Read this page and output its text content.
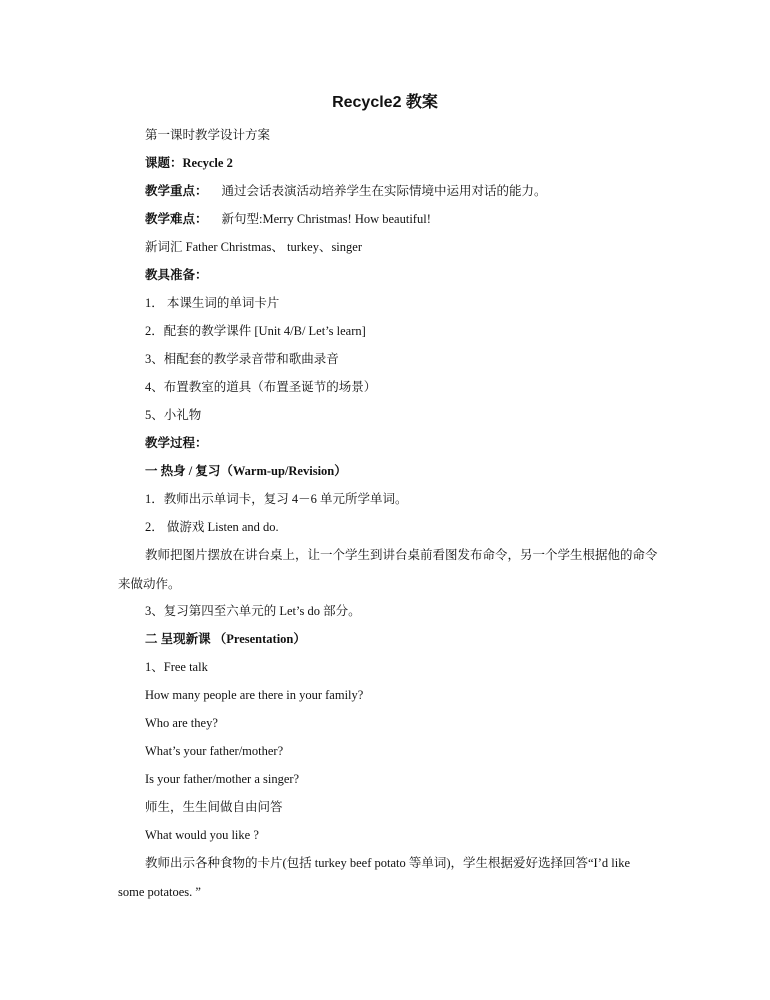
Recycle2 教案

第一课时教学设计方案

课题：Recycle 2

教学重点： 通过会话表演活动培养学生在实际情境中运用对话的能力。

教学难点： 新句型:Merry Christmas! How beautiful!

新词汇 Father Christmas、 turkey、singer

教具准备：

1． 本课生词的单词卡片

2．配套的教学课件 [Unit 4/B/ Let’s learn]

3、相配套的教学录音带和歌曲录音

4、布置教室的道具（布置圣诞节的场景）

5、小礼物

教学过程：

一 热身 / 复习（Warm-up/Revision）

1．教师出示单词卡，复习 4－6 单元所学单词。

2． 做游戏 Listen and do.

教师把图片摆放在讲台桌上，让一个学生到讲台桌前看图发布命令，另一个学生根据他的命令来做动作。

3、复习第四至六单元的 Let’s do 部分。

二 呈现新课 （Presentation）

1、Free talk

How many people are there in your family?

Who are they?

What’s your father/mother?

Is your father/mother a singer?

师生，生生间做自由问答

What would you like ?

教师出示各种食物的卡片(包括 turkey beef potato 等单词)，学生根据爱好选择回答“I’d like some potatoes. ”
